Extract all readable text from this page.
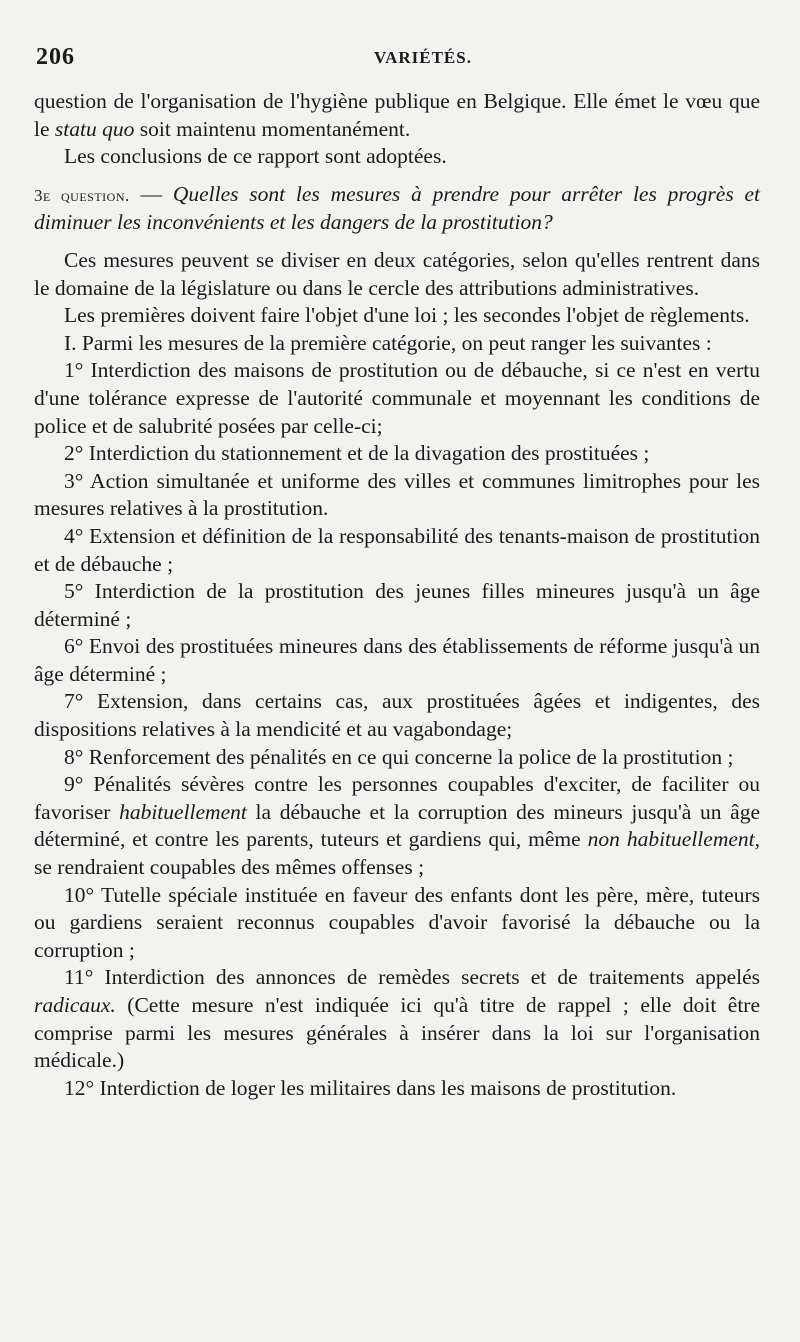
206	VARIÉTÉS.

question de l'organisation de l'hygiène publique en Belgique. Elle émet le vœu que le statu quo soit maintenu momentanément.

Les conclusions de ce rapport sont adoptées.

3e question. — Quelles sont les mesures à prendre pour arrêter les progrès et diminuer les inconvénients et les dangers de la prostitution?

Ces mesures peuvent se diviser en deux catégories, selon qu'elles rentrent dans le domaine de la législature ou dans le cercle des attributions administratives.

Les premières doivent faire l'objet d'une loi ; les secondes l'objet de règlements.

I. Parmi les mesures de la première catégorie, on peut ranger les suivantes :

1° Interdiction des maisons de prostitution ou de débauche, si ce n'est en vertu d'une tolérance expresse de l'autorité communale et moyennant les conditions de police et de salubrité posées par celle-ci;

2° Interdiction du stationnement et de la divagation des prostituées ;

3° Action simultanée et uniforme des villes et communes limitrophes pour les mesures relatives à la prostitution.

4° Extension et définition de la responsabilité des tenants-maison de prostitution et de débauche ;

5° Interdiction de la prostitution des jeunes filles mineures jusqu'à un âge déterminé ;

6° Envoi des prostituées mineures dans des établissements de réforme jusqu'à un âge déterminé ;

7° Extension, dans certains cas, aux prostituées âgées et indigentes, des dispositions relatives à la mendicité et au vagabondage;

8° Renforcement des pénalités en ce qui concerne la police de la prostitution ;

9° Pénalités sévères contre les personnes coupables d'exciter, de faciliter ou favoriser habituellement la débauche et la corruption des mineurs jusqu'à un âge déterminé, et contre les parents, tuteurs et gardiens qui, même non habituellement, se rendraient coupables des mêmes offenses ;

10° Tutelle spéciale instituée en faveur des enfants dont les père, mère, tuteurs ou gardiens seraient reconnus coupables d'avoir favorisé la débauche ou la corruption ;

11° Interdiction des annonces de remèdes secrets et de traitements appelés radicaux. (Cette mesure n'est indiquée ici qu'à titre de rappel ; elle doit être comprise parmi les mesures générales à insérer dans la loi sur l'organisation médicale.)

12° Interdiction de loger les militaires dans les maisons de prostitution.
